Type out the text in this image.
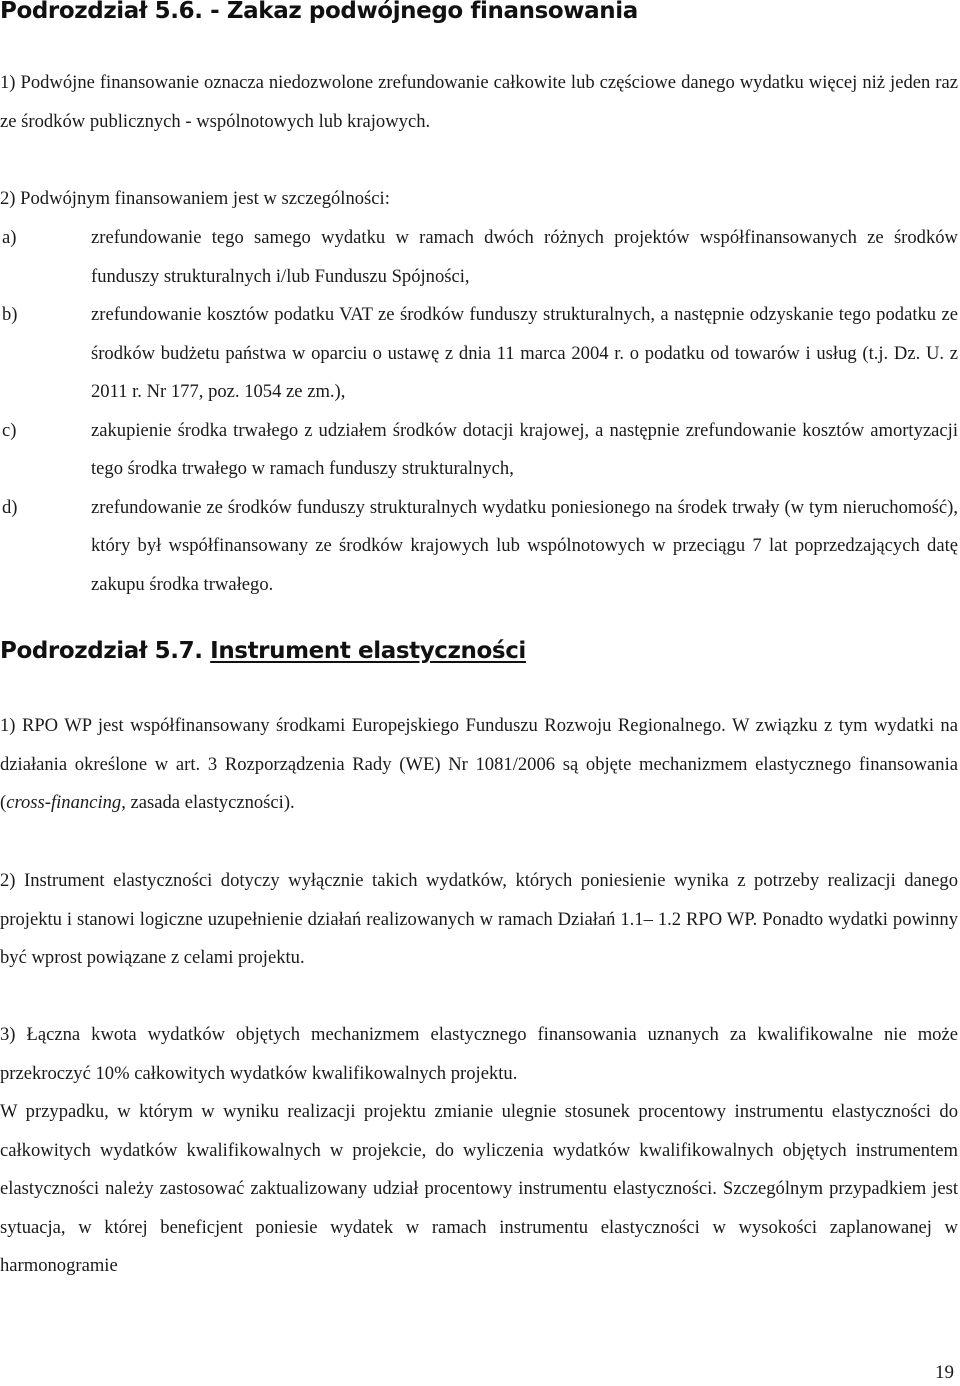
Podrozdział 5.6. - Zakaz podwójnego finansowania

1) Podwójne finansowanie oznacza niedozwolone zrefundowanie całkowite lub częściowe danego wydatku więcej niż jeden raz ze środków publicznych - wspólnotowych lub krajowych.

2) Podwójnym finansowaniem jest w szczególności:

a)	zrefundowanie tego samego wydatku w ramach dwóch różnych projektów współfinansowanych ze środków funduszy strukturalnych i/lub Funduszu Spójności,
b)	zrefundowanie kosztów podatku VAT ze środków funduszy strukturalnych, a następnie odzyskanie tego podatku ze środków budżetu państwa w oparciu o ustawę z dnia 11 marca 2004 r. o podatku od towarów i usług (t.j. Dz. U. z 2011 r. Nr 177, poz. 1054 ze zm.),
c)	zakupienie środka trwałego z udziałem środków dotacji krajowej, a następnie zrefundowanie kosztów amortyzacji tego środka trwałego w ramach funduszy strukturalnych,
d)	zrefundowanie ze środków funduszy strukturalnych wydatku poniesionego na środek trwały (w tym nieruchomość), który był współfinansowany ze środków krajowych lub wspólnotowych w przeciągu 7 lat poprzedzających datę zakupu środka trwałego.
Podrozdział 5.7. Instrument elastyczności

1) RPO WP jest współfinansowany środkami Europejskiego Funduszu Rozwoju Regionalnego. W związku z tym wydatki na działania określone w art. 3 Rozporządzenia Rady (WE) Nr 1081/2006 są objęte mechanizmem elastycznego finansowania (cross-financing, zasada elastyczności).

2) Instrument elastyczności dotyczy wyłącznie takich wydatków, których poniesienie wynika z potrzeby realizacji danego projektu i stanowi logiczne uzupełnienie działań realizowanych w ramach Działań 1.1– 1.2 RPO WP. Ponadto wydatki powinny być wprost powiązane z celami projektu.

3) Łączna kwota wydatków objętych mechanizmem elastycznego finansowania uznanych za kwalifikowalne nie może przekroczyć 10% całkowitych wydatków kwalifikowalnych projektu.

W przypadku, w którym w wyniku realizacji projektu zmianie ulegnie stosunek procentowy instrumentu elastyczności do całkowitych wydatków kwalifikowalnych w projekcie, do wyliczenia wydatków kwalifikowalnych objętych instrumentem elastyczności należy zastosować zaktualizowany udział procentowy instrumentu elastyczności. Szczególnym przypadkiem jest sytuacja, w której beneficjent poniesie wydatek w ramach instrumentu elastyczności w wysokości zaplanowanej w harmonogramie

19
